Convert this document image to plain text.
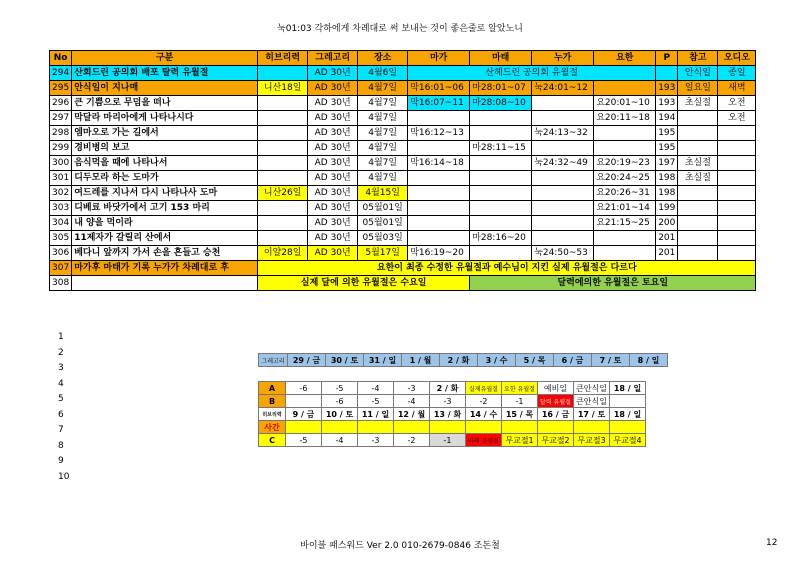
눅01:03 각하에게 차례대로 써 보내는 것이 좋은줄로 알았노니
No	구분	히브리력	그레고리	장소	마가	마태	누가	요한	P	참고	오디오
294	산회드린 공의회 배포 탈력 유월절		AD 30년	4월6일	산헤드린 공의회 유월절					안식일	종일
295	안식일이 지나매	니산18일	AD 30년	4월7일	막16:01~06	마28:01~07	눅24:01~12		193	일요일	새벽
296	큰 기쁨으로 무덤을 떠나		AD 30년	4월7일	막16:07~11	마28:08~10		요20:01~10	193	초실절	오전
297	막달라 마리아에게 나타나시다		AD 30년	4월7일				요20:11~18	194		오전
298	엠마오로 가는 길에서		AD 30년	4월7일	막16:12~13		눅24:13~32		195		
299	경비병의 보고		AD 30년	4월7일		마28:11~15			195		
300	음식먹을 때에 나타나서		AD 30년	4월7일	막16:14~18		눅24:32~49	요20:19~23	197	초실절	
301	디두모라 하는 도마가		AD 30년	4월7일				요20:24~25	198	초실질	
302	여드레를 지나서 다시 나타나사 도마	니산26일	AD 30년	4월15일				요20:26~31	198		
303	디베료 바닷가에서 고기 153 마리		AD 30년	05월01일				요21:01~14	199		
304	내 양을 먹이라		AD 30년	05월01일				요21:15~25	200		
305	11제자가 갈릴리 산에서		AD 30년	05월03일		마28:16~20			201		
306	베다니 앞까지 가서 손을 흔들고 승천	이얄28일	AD 30년	5월17일	막16:19~20		눅24:50~53		201		
307	마가후 마태가 기록 누가가 차례대로 후	요한이 최종 수정한 유월절과 예수님이 지킨 실제 유월절은 다르다									
308		실제 달에 의한 유월절은 수요일				달력에의한 유월절은 토요일					
1
2
3
4
5
6
7
8
9
10
그레고리	29 / 금	30 / 토	31 / 일	1 / 월	2 / 화	3 / 수	5 / 목	6 / 금	7 / 토	8 / 일
A	-6	-5	-4	-3	2 / 화	실제유월절	요한 유월절	예비일	큰안식일	18 / 일
B		-6	-5	-4	-3	-2	-1	달력 유월절	큰안식일	
히브리력	9 / 금	10 / 토	11 / 일	12 / 월	13 / 화	14 / 수	15 / 목	16 / 금	17 / 토	18 / 일
사간										
C	-5	-4	-3	-2	-1	마태 유월절	무교절1	무교절2	무교절3	무교절4
바이블 패스워드 Ver 2.0 010-2679-0846 조돈철	12
